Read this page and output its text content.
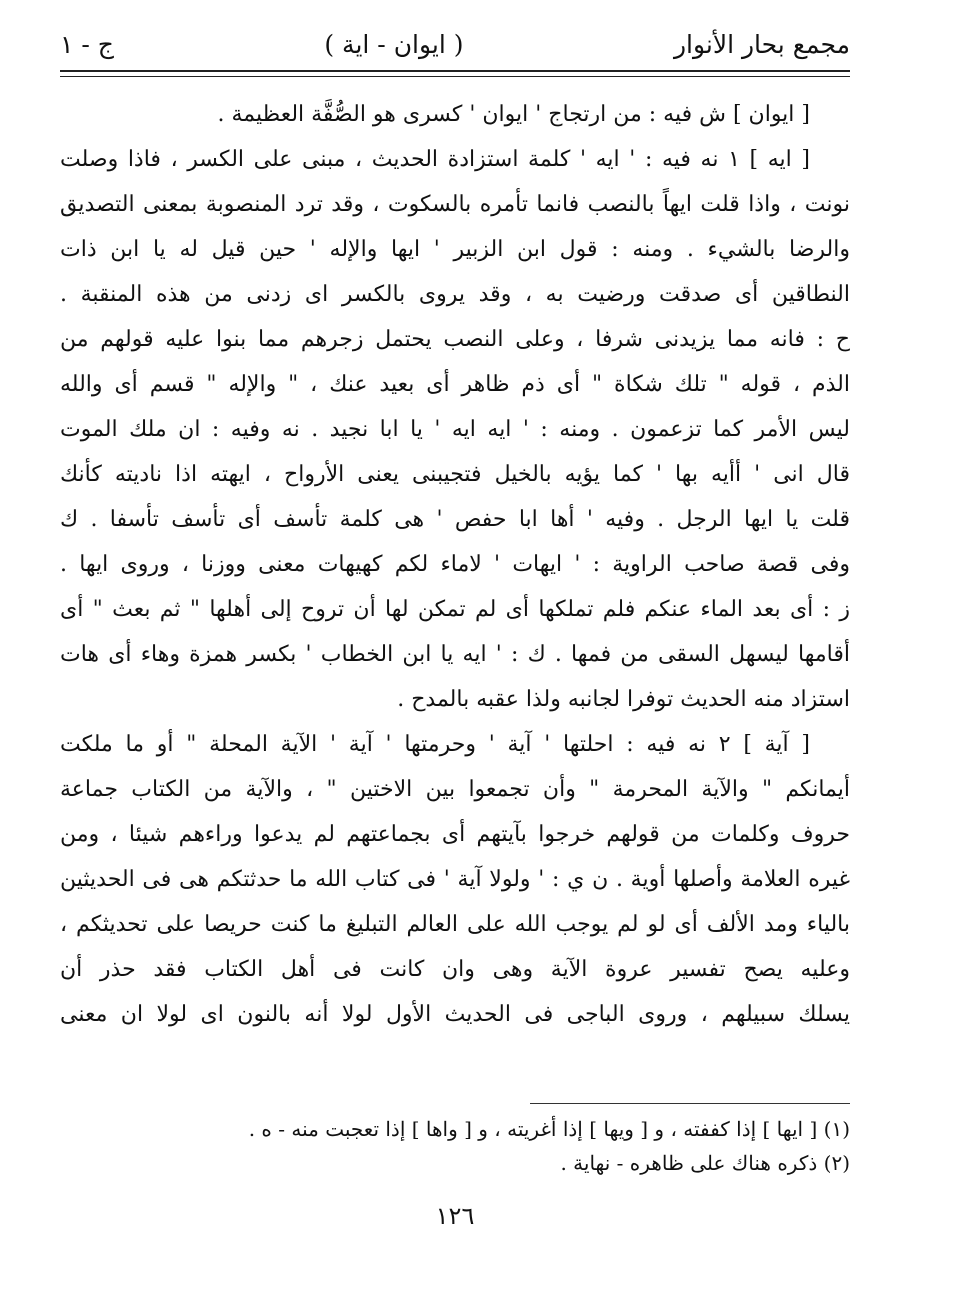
مجمع بحار الأنوار
( ايوان - اية )
ج - ١
[ ايوان ] ش فيه : من ارتجاج ' ايوان ' كسرى هو الصُّفَّة العظيمة .
[ ايه ] ١ نه فيه : ' ايه ' كلمة استزادة الحديث ، مبنى على الكسر ، فاذا وصلت
نونت ، واذا قلت ايهاً بالنصب فانما تأمره بالسكوت ، وقد ترد المنصوبة بمعنى التصديق
والرضا بالشيء . ومنه : قول ابن الزبير ' ايها والإله ' حين قيل له يا ابن ذات
النطاقين أى صدقت ورضيت به ، وقد يروى بالكسر اى زدنى من هذه المنقبة .
ح : فانه مما يزيدنى شرفا ، وعلى النصب يحتمل زجرهم مما بنوا عليه قولهم من
الذم ، قوله " تلك شكاة " أى ذم ظاهر أى بعيد عنك ، " والإله " قسم أى والله
ليس الأمر كما تزعمون . ومنه : ' ايه ايه ' يا ابا نجيد . نه وفيه : ان ملك الموت
قال انى ' أأيه بها ' كما يؤيه بالخيل فتجيبنى يعنى الأرواح ، ايهته اذا ناديته كأنك
قلت يا ايها الرجل . وفيه ' أها ابا حفص ' هى كلمة تأسف أى تأسف تأسفا . ك
وفى قصة صاحب الراوية : ' ايهات ' لاماء لكم كهيهات معنى ووزنا ، وروى ايها .
ز : أى بعد الماء عنكم فلم تملكها أى لم تمكن لها أن تروح إلى أهلها " ثم بعث " أى
أقامها ليسهل السقى من فمها . ك : ' ايه يا ابن الخطاب ' بكسر همزة وهاء أى هات
استزاد منه الحديث توفرا لجانبه ولذا عقبه بالمدح .
[ آية ] ٢ نه فيه : احلتها ' آية ' وحرمتها ' آية ' الآية المحلة " أو ما ملكت
أيمانكم " والآية المحرمة " وأن تجمعوا بين الاختين " ، والآية من الكتاب جماعة
حروف وكلمات من قولهم خرجوا بآيتهم أى بجماعتهم لم يدعوا وراءهم شيئا ، ومن
غيره العلامة وأصلها أوية . ن ي : ' ولولا آية ' فى كتاب الله ما حدثتكم هى فى الحديثين
بالياء ومد الألف أى لو لم يوجب الله على العالم التبليغ ما كنت حريصا على تحديثكم ،
وعليه يصح تفسير عروة الآية وهى وان كانت فى أهل الكتاب فقد حذر أن
يسلك سبيلهم ، وروى الباجى فى الحديث الأول لولا أنه بالنون اى لولا ان معنى
(١) [ ايها ] إذا كففته ، و [ ويها ] إذا أغريته ، و [ واها ] إذا تعجبت منه - ه .
(٢) ذكره هناك على ظاهره - نهاية .
١٢٦
